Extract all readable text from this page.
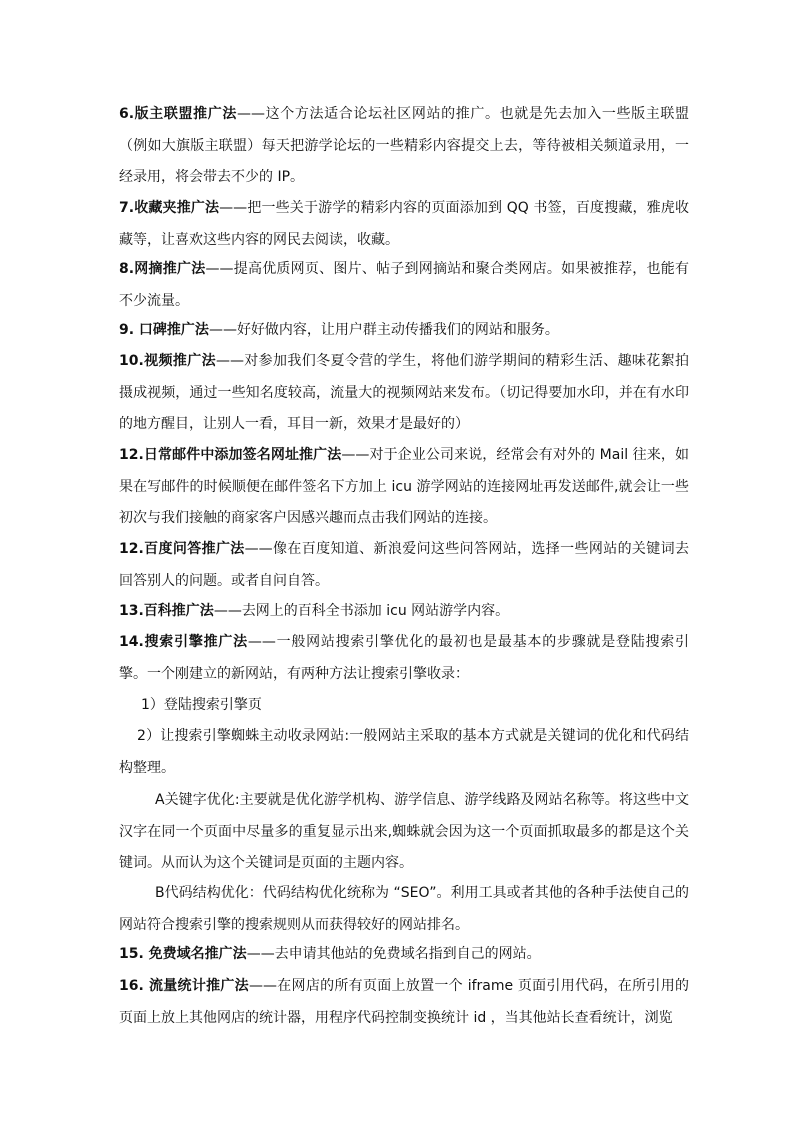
6.版主联盟推广法——这个方法适合论坛社区网站的推广。也就是先去加入一些版主联盟（例如大旗版主联盟）每天把游学论坛的一些精彩内容提交上去，等待被相关频道录用，一经录用，将会带去不少的 IP。

7.收藏夹推广法——把一些关于游学的精彩内容的页面添加到 QQ 书签，百度搜藏，雅虎收藏等，让喜欢这些内容的网民去阅读，收藏。

8.网摘推广法——提高优质网页、图片、帖子到网摘站和聚合类网店。如果被推荐，也能有不少流量。

9. 口碑推广法——好好做内容，让用户群主动传播我们的网站和服务。

10.视频推广法——对参加我们冬夏令营的学生，将他们游学期间的精彩生活、趣味花絮拍摄成视频，通过一些知名度较高，流量大的视频网站来发布。（切记得要加水印，并在有水印的地方醒目，让别人一看，耳目一新，效果才是最好的）

12.日常邮件中添加签名网址推广法——对于企业公司来说，经常会有对外的 Mail 往来，如果在写邮件的时候顺便在邮件签名下方加上 icu 游学网站的连接网址再发送邮件,就会让一些初次与我们接触的商家客户因感兴趣而点击我们网站的连接。

12.百度问答推广法——像在百度知道、新浪爱问这些问答网站，选择一些网站的关键词去回答别人的问题。或者自问自答。

13.百科推广法——去网上的百科全书添加 icu 网站游学内容。

14.搜索引擎推广法——一般网站搜索引擎优化的最初也是最基本的步骤就是登陆搜索引擎。一个刚建立的新网站，有两种方法让搜索引擎收录：

1）登陆搜索引擎页

2）让搜索引擎蜘蛛主动收录网站:一般网站主采取的基本方式就是关键词的优化和代码结构整理。

A关键字优化:主要就是优化游学机构、游学信息、游学线路及网站名称等。将这些中文汉字在同一个页面中尽量多的重复显示出来,蜘蛛就会因为这一个页面抓取最多的都是这个关键词。从而认为这个关键词是页面的主题内容。

B代码结构优化：代码结构优化统称为 “SEO”。利用工具或者其他的各种手法使自己的网站符合搜索引擎的搜索规则从而获得较好的网站排名。

15. 免费域名推广法——去申请其他站的免费域名指到自己的网站。

16. 流量统计推广法——在网店的所有页面上放置一个 iframe 页面引用代码，在所引用的页面上放上其他网店的统计器，用程序代码控制变换统计 id ，当其他站长查看统计，浏览
